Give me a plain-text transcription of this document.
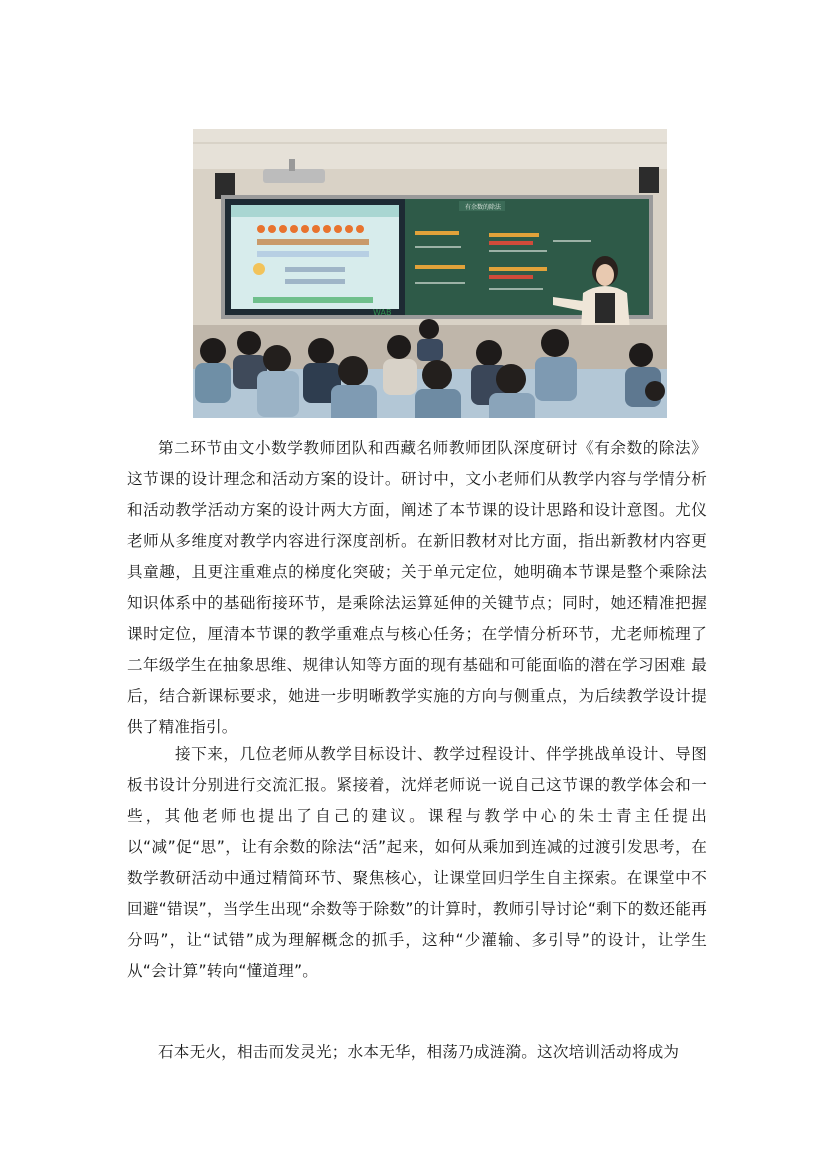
WAB
有余数的除法

第二环节由文小数学教师团队和西藏名师教师团队深度研讨《有余数的除法》这节课的设计理念和活动方案的设计。研讨中，文小老师们从教学内容与学情分析和活动教学活动方案的设计两大方面，阐述了本节课的设计思路和设计意图。尤仪老师从多维度对教学内容进行深度剖析。在新旧教材对比方面，指出新教材内容更具童趣，且更注重难点的梯度化突破；关于单元定位，她明确本节课是整个乘除法知识体系中的基础衔接环节，是乘除法运算延伸的关键节点；同时，她还精准把握课时定位，厘清本节课的教学重难点与核心任务；在学情分析环节，尤老师梳理了二年级学生在抽象思维、规律认知等方面的现有基础和可能面临的潜在学习困难 最后，结合新课标要求，她进一步明晰教学实施的方向与侧重点，为后续教学设计提供了精准指引。

接下来，几位老师从教学目标设计、教学过程设计、伴学挑战单设计、导图板书设计分别进行交流汇报。紧接着，沈烊老师说一说自己这节课的教学体会和一些，其他老师也提出了自己的建议。课程与教学中心的朱士青主任提出以“减”促“思”，让有余数的除法“活”起来，如何从乘加到连减的过渡引发思考，在数学教研活动中通过精简环节、聚焦核心，让课堂回归学生自主探索。在课堂中不回避“错误”，当学生出现“余数等于除数”的计算时，教师引导讨论“剩下的数还能再分吗”，让“试错”成为理解概念的抓手，这种“少灌输、多引导”的设计，让学生从“会计算”转向“懂道理”。

石本无火，相击而发灵光；水本无华，相荡乃成涟漪。这次培训活动将成为
